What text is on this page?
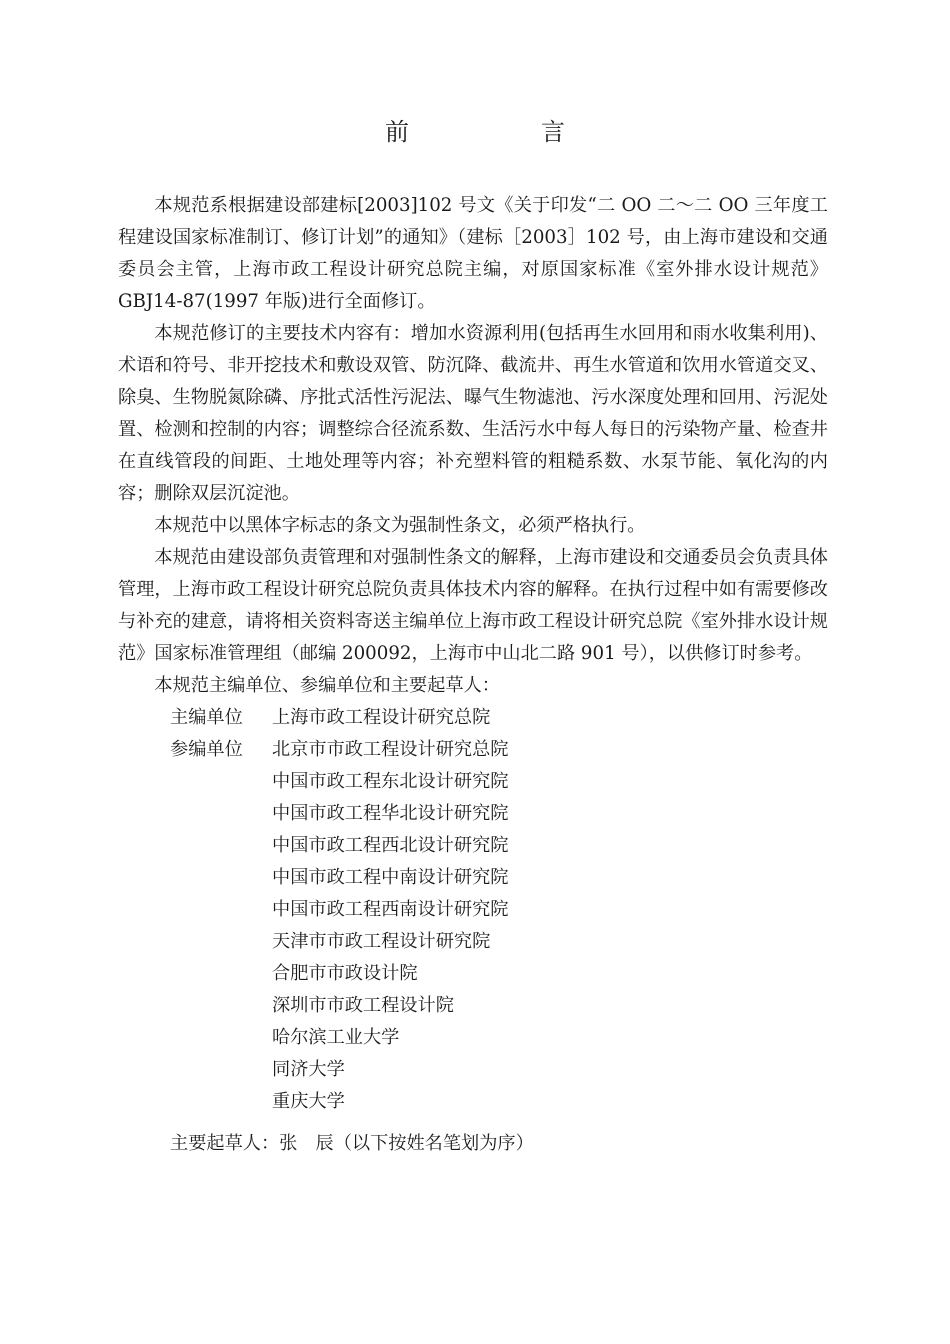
前　言

本规范系根据建设部建标[2003]102 号文《关于印发“二 OO 二～二 OO 三年度工程建设国家标准制订、修订计划”的通知》（建标［2003］102 号，由上海市建设和交通委员会主管，上海市政工程设计研究总院主编，对原国家标准《室外排水设计规范》GBJ14-87(1997 年版)进行全面修订。

本规范修订的主要技术内容有：增加水资源利用(包括再生水回用和雨水收集利用)、术语和符号、非开挖技术和敷设双管、防沉降、截流井、再生水管道和饮用水管道交叉、除臭、生物脱氮除磷、序批式活性污泥法、曝气生物滤池、污水深度处理和回用、污泥处置、检测和控制的内容；调整综合径流系数、生活污水中每人每日的污染物产量、检查井在直线管段的间距、土地处理等内容；补充塑料管的粗糙系数、水泵节能、氧化沟的内容；删除双层沉淀池。

本规范中以黑体字标志的条文为强制性条文，必须严格执行。

本规范由建设部负责管理和对强制性条文的解释，上海市建设和交通委员会负责具体管理，上海市政工程设计研究总院负责具体技术内容的解释。在执行过程中如有需要修改与补充的建意，请将相关资料寄送主编单位上海市政工程设计研究总院《室外排水设计规范》国家标准管理组（邮编 200092，上海市中山北二路 901 号），以供修订时参考。

本规范主编单位、参编单位和主要起草人：

主编单位	上海市政工程设计研究总院
参编单位	北京市市政工程设计研究总院
中国市政工程东北设计研究院
中国市政工程华北设计研究院
中国市政工程西北设计研究院
中国市政工程中南设计研究院
中国市政工程西南设计研究院
天津市市政工程设计研究院
合肥市市政设计院
深圳市市政工程设计院
哈尔滨工业大学
同济大学
重庆大学
主要起草人：张　辰（以下按姓名笔划为序）
